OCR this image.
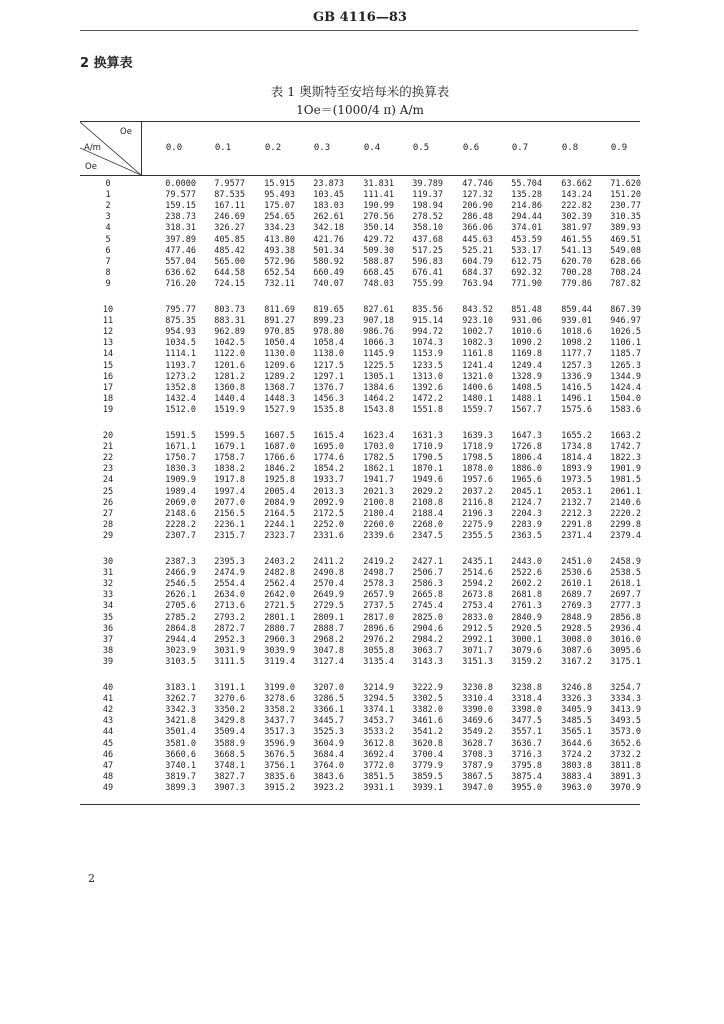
GB 4116—83
2 换算表
表 1 奥斯特至安培每米的换算表
1Oe＝(1000/4 π) A/m
Oe
A/m
Oe
0.0	0.1	0.2	0.3	0.4	0.5	0.6	0.7	0.8	0.9
0	0.0000	7.9577	15.915	23.873	31.831	39.789	47.746	55.704	63.662	71.620
1	79.577	87.535	95.493	103.45	111.41	119.37	127.32	135.28	143.24	151.20
2	159.15	167.11	175.07	183.03	190.99	198.94	206.90	214.86	222.82	230.77
3	238.73	246.69	254.65	262.61	270.56	278.52	286.48	294.44	302.39	310.35
4	318.31	326.27	334.23	342.18	350.14	358.10	366.06	374.01	381.97	389.93
5	397.89	405.85	413.80	421.76	429.72	437.68	445.63	453.59	461.55	469.51
6	477.46	485.42	493.38	501.34	509.30	517.25	525.21	533.17	541.13	549.08
7	557.04	565.00	572.96	580.92	588.87	596.83	604.79	612.75	620.70	628.66
8	636.62	644.58	652.54	660.49	668.45	676.41	684.37	692.32	700.28	708.24
9	716.20	724.15	732.11	740.07	748.03	755.99	763.94	771.90	779.86	787.82
10	795.77	803.73	811.69	819.65	827.61	835.56	843.52	851.48	859.44	867.39
11	875.35	883.31	891.27	899.23	907.18	915.14	923.10	931.06	939.01	946.97
12	954.93	962.89	970.85	978.80	986.76	994.72	1002.7	1010.6	1018.6	1026.5
13	1034.5	1042.5	1050.4	1058.4	1066.3	1074.3	1082.3	1090.2	1098.2	1106.1
14	1114.1	1122.0	1130.0	1138.0	1145.9	1153.9	1161.8	1169.8	1177.7	1185.7
15	1193.7	1201.6	1209.6	1217.5	1225.5	1233.5	1241.4	1249.4	1257.3	1265.3
16	1273.2	1281.2	1289.2	1297.1	1305.1	1313.0	1321.0	1328.9	1336.9	1344.9
17	1352.8	1360.8	1368.7	1376.7	1384.6	1392.6	1400.6	1408.5	1416.5	1424.4
18	1432.4	1440.4	1448.3	1456.3	1464.2	1472.2	1480.1	1488.1	1496.1	1504.0
19	1512.0	1519.9	1527.9	1535.8	1543.8	1551.8	1559.7	1567.7	1575.6	1583.6
20	1591.5	1599.5	1607.5	1615.4	1623.4	1631.3	1639.3	1647.3	1655.2	1663.2
21	1671.1	1679.1	1687.0	1695.0	1703.0	1710.9	1718.9	1726.8	1734.8	1742.7
22	1750.7	1758.7	1766.6	1774.6	1782.5	1790.5	1798.5	1806.4	1814.4	1822.3
23	1830.3	1838.2	1846.2	1854.2	1862.1	1870.1	1878.0	1886.0	1893.9	1901.9
24	1909.9	1917.8	1925.8	1933.7	1941.7	1949.6	1957.6	1965.6	1973.5	1981.5
25	1989.4	1997.4	2005.4	2013.3	2021.3	2029.2	2037.2	2045.1	2053.1	2061.1
26	2069.0	2077.0	2084.9	2092.9	2100.8	2108.8	2116.8	2124.7	2132.7	2140.6
27	2148.6	2156.5	2164.5	2172.5	2180.4	2188.4	2196.3	2204.3	2212.3	2220.2
28	2228.2	2236.1	2244.1	2252.0	2260.0	2268.0	2275.9	2283.9	2291.8	2299.8
29	2307.7	2315.7	2323.7	2331.6	2339.6	2347.5	2355.5	2363.5	2371.4	2379.4
30	2387.3	2395.3	2403.2	2411.2	2419.2	2427.1	2435.1	2443.0	2451.0	2458.9
31	2466.9	2474.9	2482.8	2490.8	2498.7	2506.7	2514.6	2522.6	2530.6	2538.5
32	2546.5	2554.4	2562.4	2570.4	2578.3	2586.3	2594.2	2602.2	2610.1	2618.1
33	2626.1	2634.0	2642.0	2649.9	2657.9	2665.8	2673.8	2681.8	2689.7	2697.7
34	2705.6	2713.6	2721.5	2729.5	2737.5	2745.4	2753.4	2761.3	2769.3	2777.3
35	2785.2	2793.2	2801.1	2809.1	2817.0	2825.0	2833.0	2840.9	2848.9	2856.8
36	2864.8	2872.7	2880.7	2888.7	2896.6	2904.6	2912.5	2920.5	2928.5	2936.4
37	2944.4	2952.3	2960.3	2968.2	2976.2	2984.2	2992.1	3000.1	3008.0	3016.0
38	3023.9	3031.9	3039.9	3047.8	3055.8	3063.7	3071.7	3079.6	3087.6	3095.6
39	3103.5	3111.5	3119.4	3127.4	3135.4	3143.3	3151.3	3159.2	3167.2	3175.1
40	3183.1	3191.1	3199.0	3207.0	3214.9	3222.9	3230.8	3238.8	3246.8	3254.7
41	3262.7	3270.6	3278.6	3286.5	3294.5	3302.5	3310.4	3318.4	3326.3	3334.3
42	3342.3	3350.2	3358.2	3366.1	3374.1	3382.0	3390.0	3398.0	3405.9	3413.9
43	3421.8	3429.8	3437.7	3445.7	3453.7	3461.6	3469.6	3477.5	3485.5	3493.5
44	3501.4	3509.4	3517.3	3525.3	3533.2	3541.2	3549.2	3557.1	3565.1	3573.0
45	3581.0	3588.9	3596.9	3604.9	3612.8	3620.8	3628.7	3636.7	3644.6	3652.6
46	3660.6	3668.5	3676.5	3684.4	3692.4	3700.4	3708.3	3716.3	3724.2	3732.2
47	3740.1	3748.1	3756.1	3764.0	3772.0	3779.9	3787.9	3795.8	3803.8	3811.8
48	3819.7	3827.7	3835.6	3843.6	3851.5	3859.5	3867.5	3875.4	3883.4	3891.3
49	3899.3	3907.3	3915.2	3923.2	3931.1	3939.1	3947.0	3955.0	3963.0	3970.9
2
